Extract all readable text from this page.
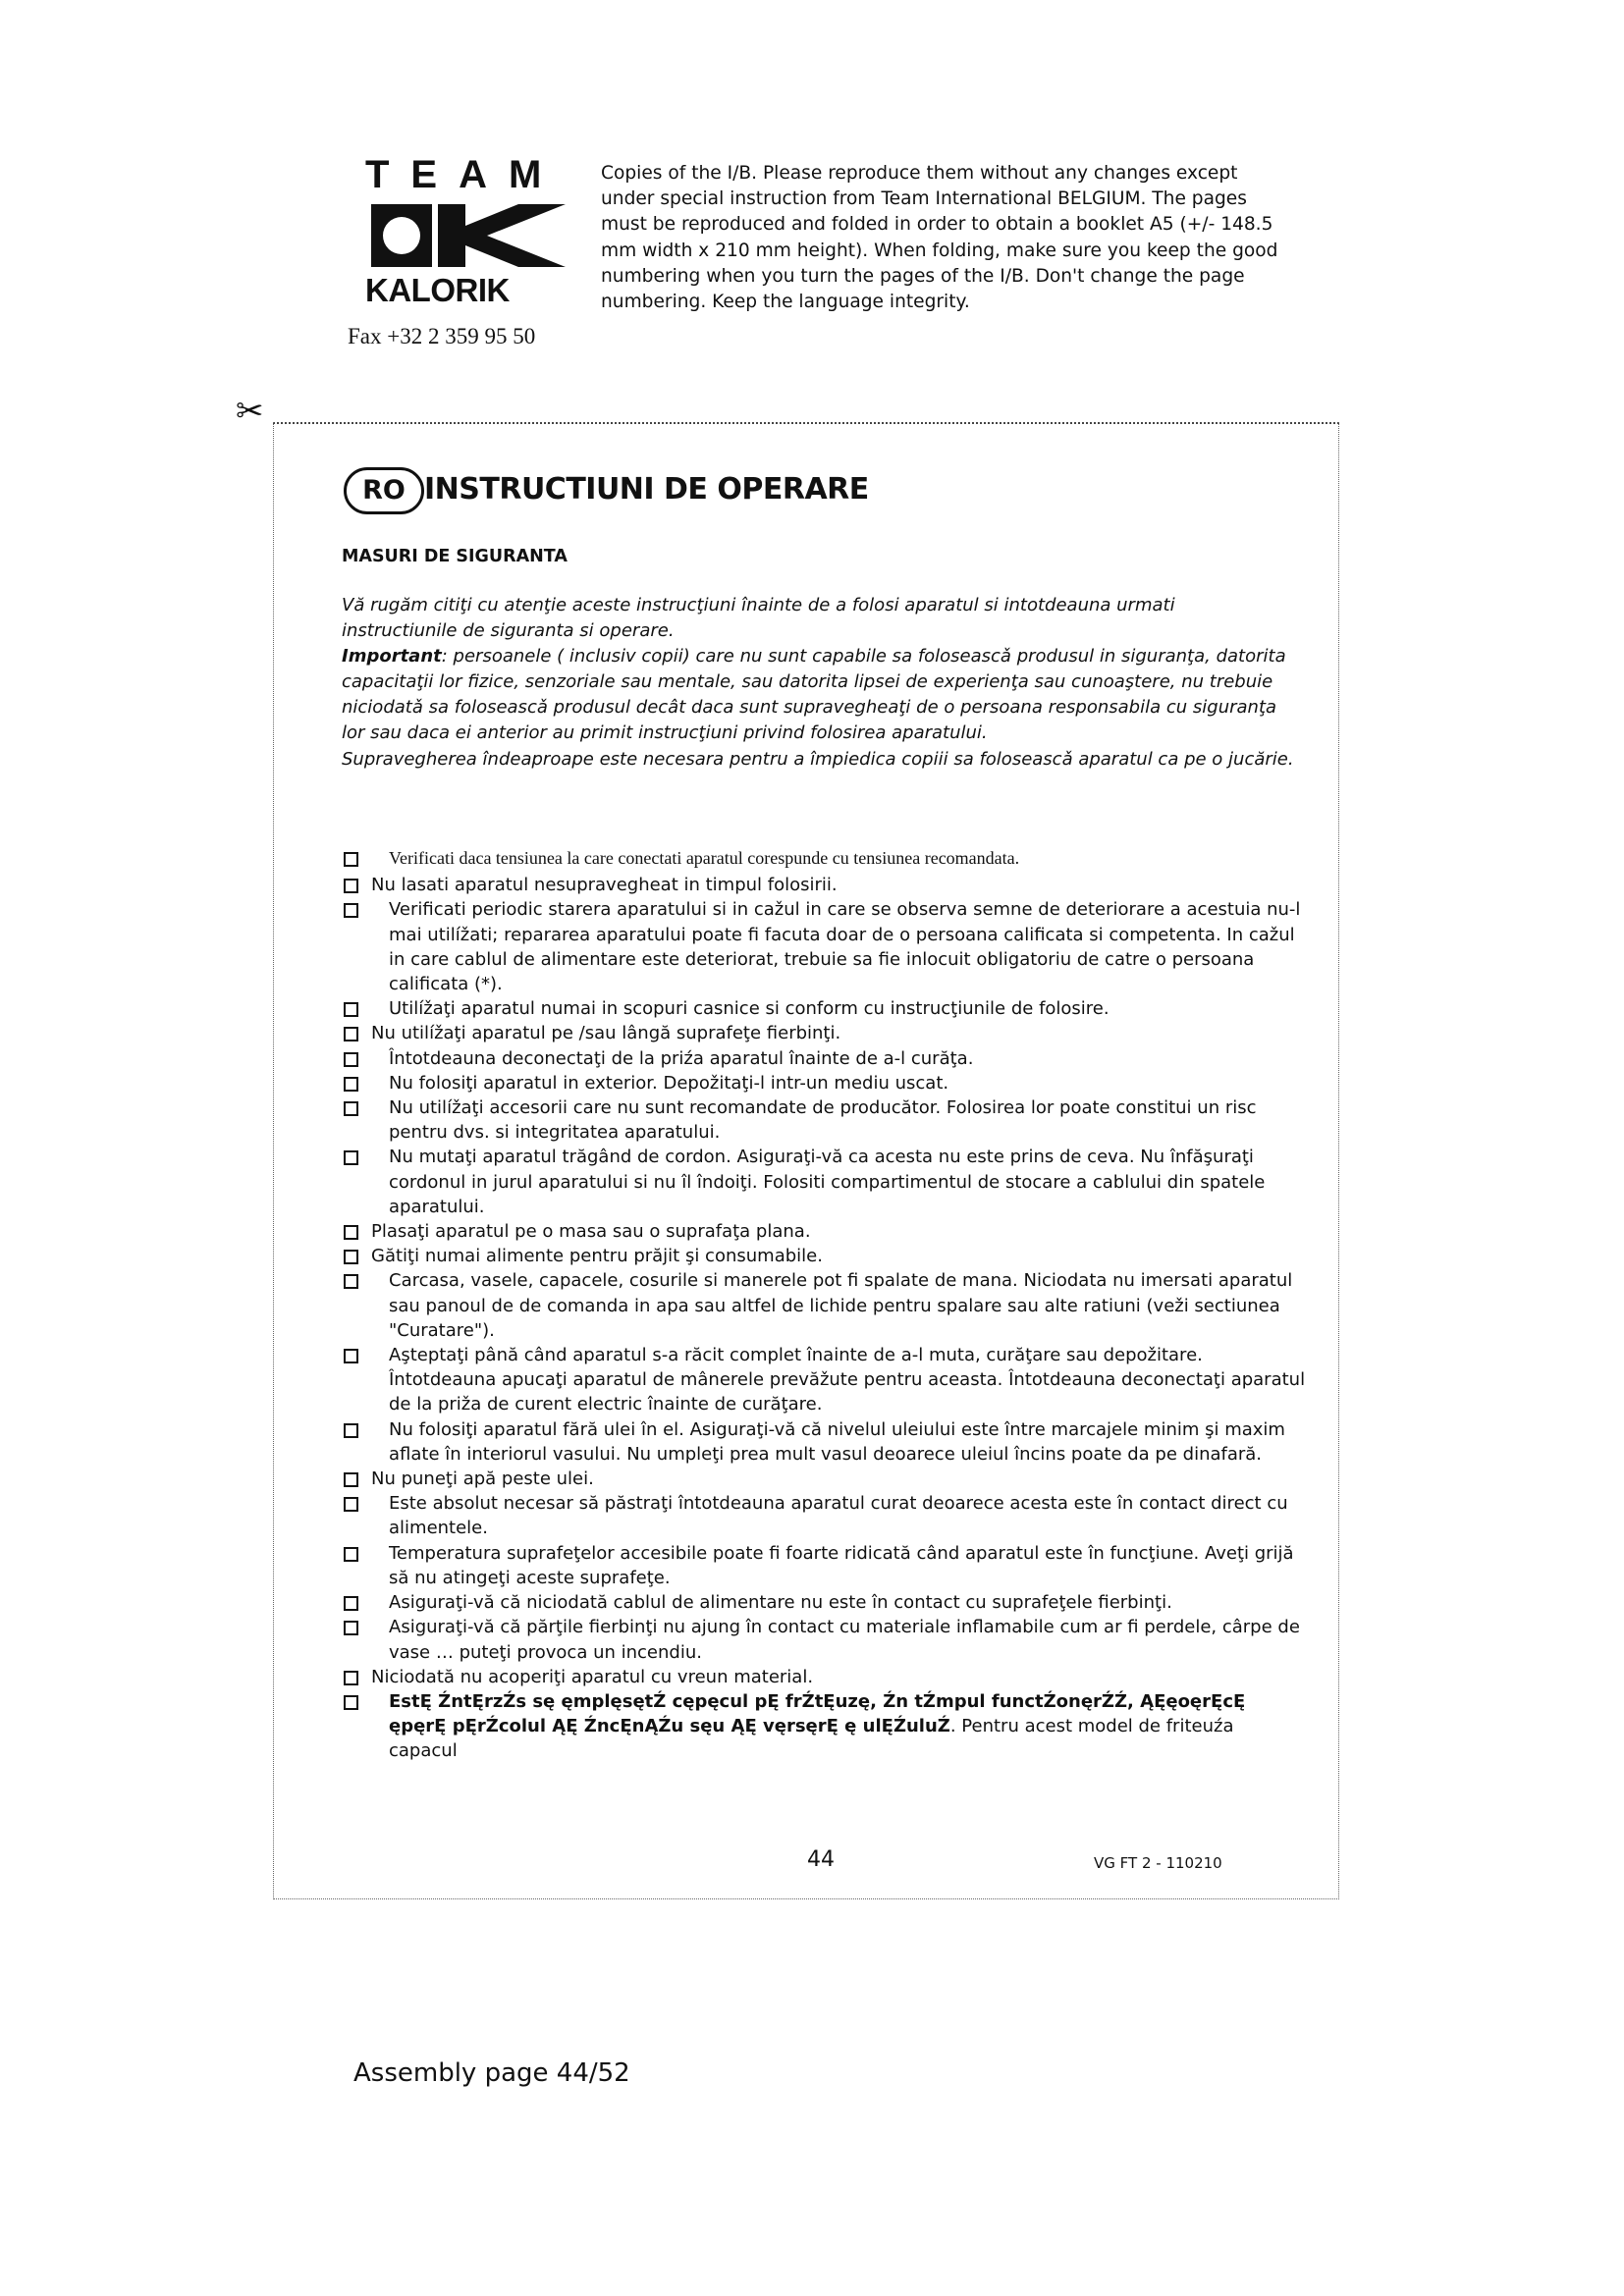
TEAM
KALORIK
Fax +32 2 359 95 50
Copies of the I/B. Please reproduce them without any changes except under special instruction from Team International BELGIUM. The pages must be reproduced and folded in order to obtain a booklet A5 (+/- 148.5 mm width x 210 mm height). When folding, make sure you keep the good numbering when you turn the pages of the I/B. Don't change the page numbering. Keep the language integrity.
✂
RO INSTRUCTIUNI DE OPERARE
MASURI DE SIGURANTA

Vă rugăm citiţi cu atenţie aceste instrucţiuni înainte de a folosi aparatul si intotdeauna urmati instructiunile de siguranta si operare.

Important: persoanele ( inclusiv copii) care nu sunt capabile sa foloseascǎ produsul in siguranţa, datorita capacitaţii lor fizice, senzoriale sau mentale, sau datorita lipsei de experienţa sau cunoaştere, nu trebuie niciodatǎ sa foloseascǎ produsul decât daca sunt supravegheaţi de o persoana responsabila cu siguranţa lor sau daca ei anterior au primit instrucţiuni privind folosirea aparatului.

Supravegherea îndeaproape este necesara pentru a împiedica copiii sa foloseascǎ aparatul ca pe o jucărie.

Verificati daca tensiunea la care conectati aparatul corespunde cu tensiunea recomandata.
Nu lasati aparatul nesupravegheat in timpul folosirii.
Verificati periodic starera aparatului si in cažul in care se observa semne de deteriorare a acestuia nu-l mai utilížati; repararea aparatului poate fi facuta doar de o persoana calificata si competenta. In cažul in care cablul de alimentare este deteriorat, trebuie sa fie inlocuit obligatoriu de catre o persoana calificata (*).
Utilížaţi aparatul numai in scopuri casnice si conform cu instrucţiunile de folosire.
Nu utilížaţi aparatul pe /sau lângă suprafeţe fierbinţi.
Întotdeauna deconectaţi de la priźa aparatul înainte de a-l curăţa.
Nu folosiţi aparatul in exterior. Depožitaţi-l intr-un mediu uscat.
Nu utilížaţi accesorii care nu sunt recomandate de producător. Folosirea lor poate constitui un risc pentru dvs. si integritatea aparatului.
Nu mutaţi aparatul trăgând de cordon. Asiguraţi-vă ca acesta nu este prins de ceva. Nu înfăşuraţi cordonul in jurul aparatului si nu îl îndoiţi. Folositi compartimentul de stocare a cablului din spatele aparatului.
Plasaţi aparatul pe o masa sau o suprafaţa plana.
Gătiţi numai alimente pentru prăjit şi consumabile.
Carcasa, vasele, capacele, cosurile si manerele pot fi spalate de mana. Niciodata nu imersati aparatul sau panoul de de comanda in apa sau altfel de lichide pentru spalare sau alte ratiuni (veži sectiunea "Curatare").
Aşteptaţi până când aparatul s-a răcit complet înainte de a-l muta, curăţare sau depožitare. Întotdeauna apucaţi aparatul de mânerele prevăžute pentru aceasta. Întotdeauna deconectaţi aparatul de la priža de curent electric înainte de curăţare.
Nu folosiţi aparatul fără ulei în el. Asiguraţi-vă că nivelul uleiului este între marcajele minim şi maxim aflate în interiorul vasului. Nu umpleţi prea mult vasul deoarece uleiul încins poate da pe dinafară.
Nu puneţi apă peste ulei.
Este absolut necesar să păstraţi întotdeauna aparatul curat deoarece acesta este în contact direct cu alimentele.
Temperatura suprafeţelor accesibile poate fi foarte ridicată când aparatul este în funcţiune. Aveţi grijă să nu atingeţi aceste suprafeţe.
Asiguraţi-vă că niciodată cablul de alimentare nu este în contact cu suprafeţele fierbinţi.
Asiguraţi-vă că părţile fierbinţi nu ajung în contact cu materiale inflamabile cum ar fi perdele, cârpe de vase … puteţi provoca un incendiu.
Niciodată nu acoperiţi aparatul cu vreun material.
EstĘ ŹntĘrzŹs sę ęmplęsętŹ cępęcul pĘ frŹtĘuzę, Źn tŹmpul functŹonęrŹŹ, ĄĘęoęrĘcĘ ępęrĘ pĘrŹcolul ĄĘ ŹncĘnĄŹu sęu ĄĘ vęrsęrĘ ę ulĘŹuluŹ. Pentru acest model de friteuźa capacul
44	VG FT 2 - 110210
Assembly page 44/52
